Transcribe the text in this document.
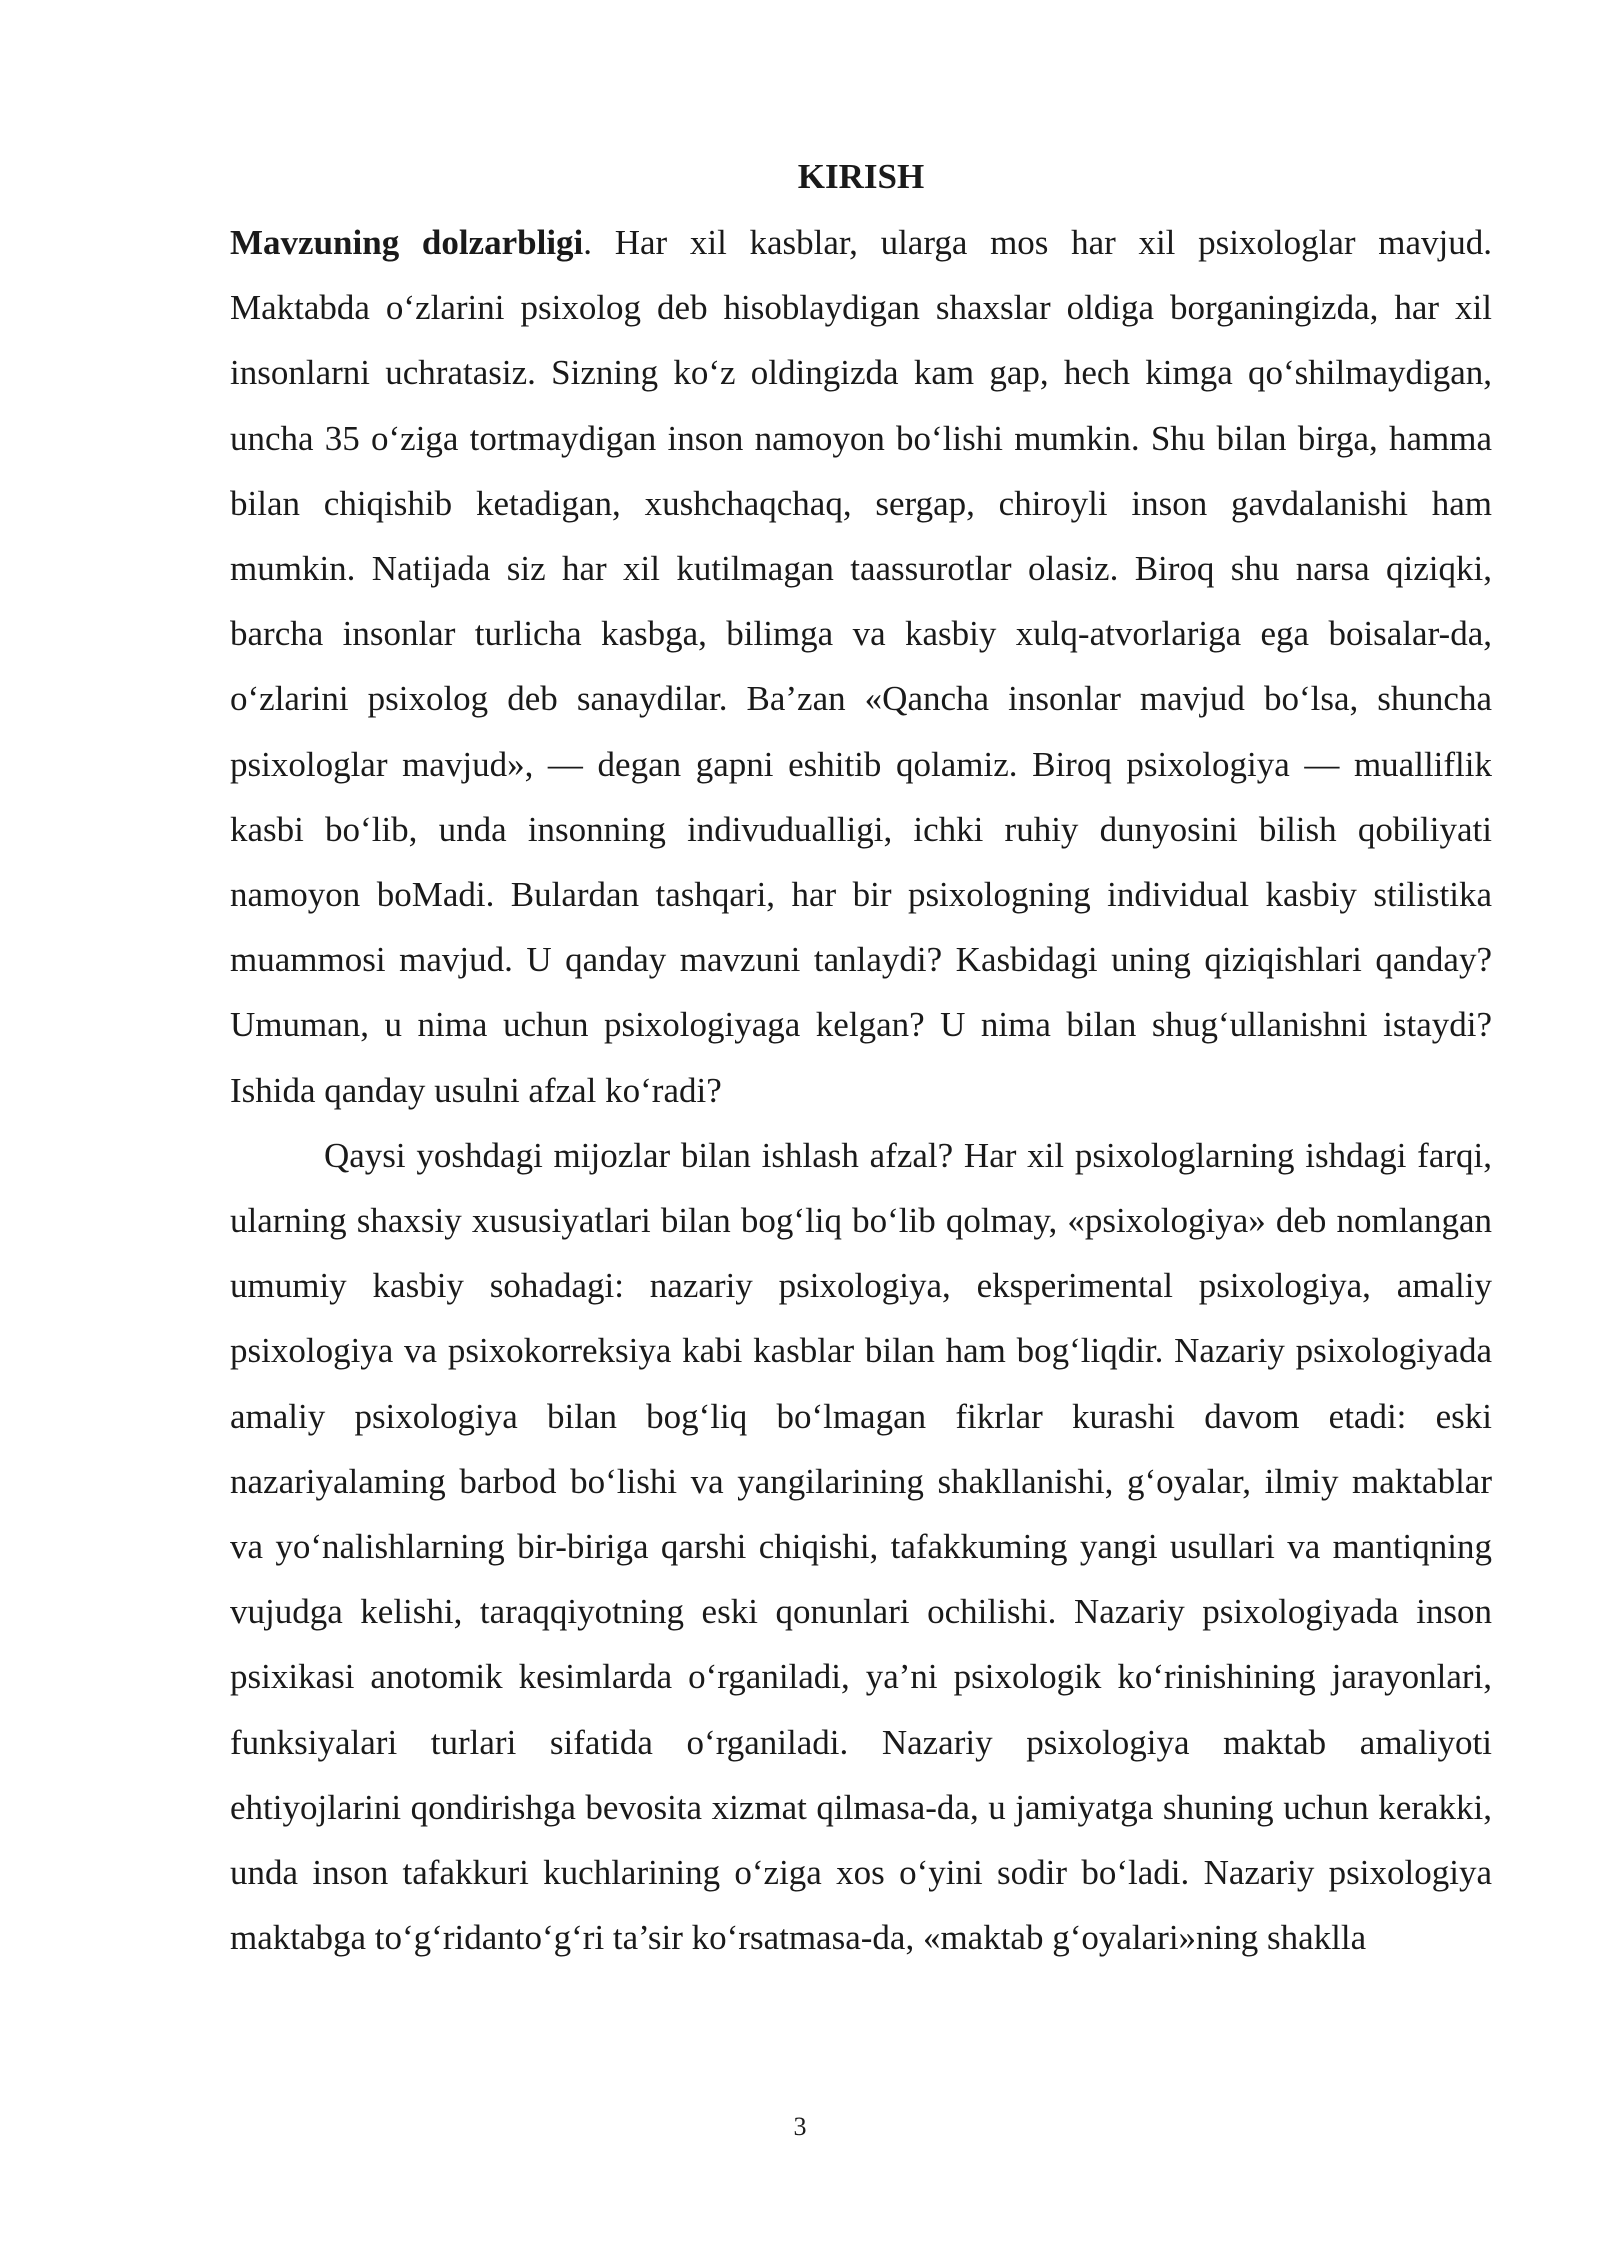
KIRISH

Mavzuning dolzarbligi. Har xil kasblar, ularga mos har xil psixologlar mavjud. Maktabda o‘zlarini psixolog deb hisoblaydigan shaxslar oldiga borganingizda, har xil insonlarni uchratasiz. Sizning ko‘z oldingizda kam gap, hech kimga qo‘shilmaydigan, uncha 35 o‘ziga tortmaydigan inson namoyon bo‘lishi mumkin. Shu bilan birga, hamma bilan chiqishib ketadigan, xushchaqchaq, sergap, chiroyli inson gavdalanishi ham mumkin. Natijada siz har xil kutilmagan taassurotlar olasiz. Biroq shu narsa qiziqki, barcha insonlar turlicha kasbga, bilimga va kasbiy xulq-atvorlariga ega boisalar-da, o‘zlarini psixolog deb sanaydilar. Ba’zan «Qancha insonlar mavjud bo‘lsa, shuncha psixologlar mavjud», — degan gapni eshitib qolamiz. Biroq psixologiya — mualliflik kasbi bo‘lib, unda insonning indivudualligi, ichki ruhiy dunyosini bilish qobiliyati namoyon boMadi. Bulardan tashqari, har bir psixologning individual kasbiy stilistika muammosi mavjud. U qanday mavzuni tanlaydi? Kasbidagi uning qiziqishlari qanday? Umuman, u nima uchun psixologiyaga kelgan? U nima bilan shug‘ullanishni istaydi? Ishida qanday usulni afzal ko‘radi?

Qaysi yoshdagi mijozlar bilan ishlash afzal? Har xil psixologlarning ishdagi farqi, ularning shaxsiy xususiyatlari bilan bog‘liq bo‘lib qolmay, «psixologiya» deb nomlangan umumiy kasbiy sohadagi: nazariy psixologiya, eksperimental psixologiya, amaliy psixologiya va psixokorreksiya kabi kasblar bilan ham bog‘liqdir. Nazariy psixologiyada amaliy psixologiya bilan bog‘liq bo‘lmagan fikrlar kurashi davom etadi: eski nazariyalaming barbod bo‘lishi va yangilarining shakllanishi, g‘oyalar, ilmiy maktablar va yo‘nalishlarning bir-biriga qarshi chiqishi, tafakkuming yangi usullari va mantiqning vujudga kelishi, taraqqiyotning eski qonunlari ochilishi. Nazariy psixologiyada inson psixikasi anotomik kesimlarda o‘rganiladi, ya’ni psixologik ko‘rinishining jarayonlari, funksiyalari turlari sifatida o‘rganiladi. Nazariy psixologiya maktab amaliyoti ehtiyojlarini qondirishga bevosita xizmat qilmasa-da, u jamiyatga shuning uchun kerakki, unda inson tafakkuri kuchlarining o‘ziga xos o‘yini sodir bo‘ladi. Nazariy psixologiya maktabga to‘g‘ridanto‘g‘ri ta’sir ko‘rsatmasa-da, «maktab g‘oyalari»ning shaklla

3
